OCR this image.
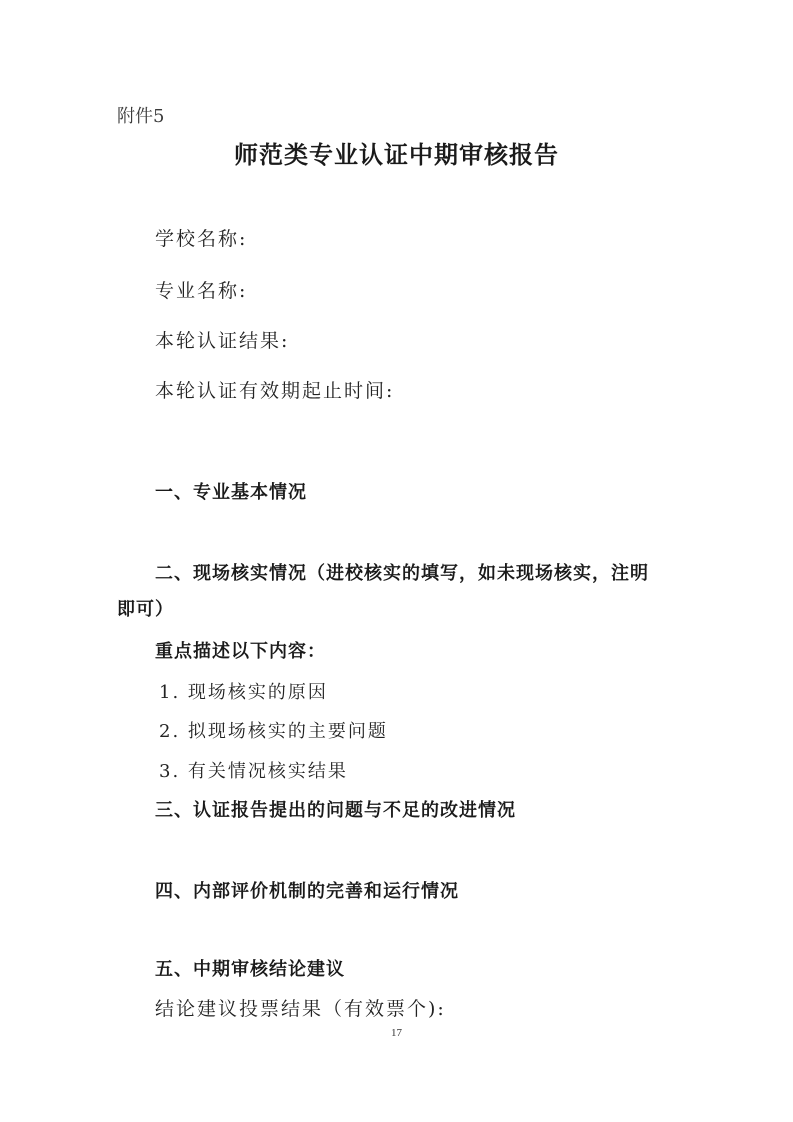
附件5
师范类专业认证中期审核报告
学校名称:
专业名称:
本轮认证结果:
本轮认证有效期起止时间:
一、专业基本情况
二、现场核实情况（进校核实的填写，如未现场核实，注明
即可）
重点描述以下内容：
1. 现场核实的原因
2. 拟现场核实的主要问题
3. 有关情况核实结果
三、认证报告提出的问题与不足的改进情况
四、内部评价机制的完善和运行情况
五、中期审核结论建议
结论建议投票结果（有效票个):
17
